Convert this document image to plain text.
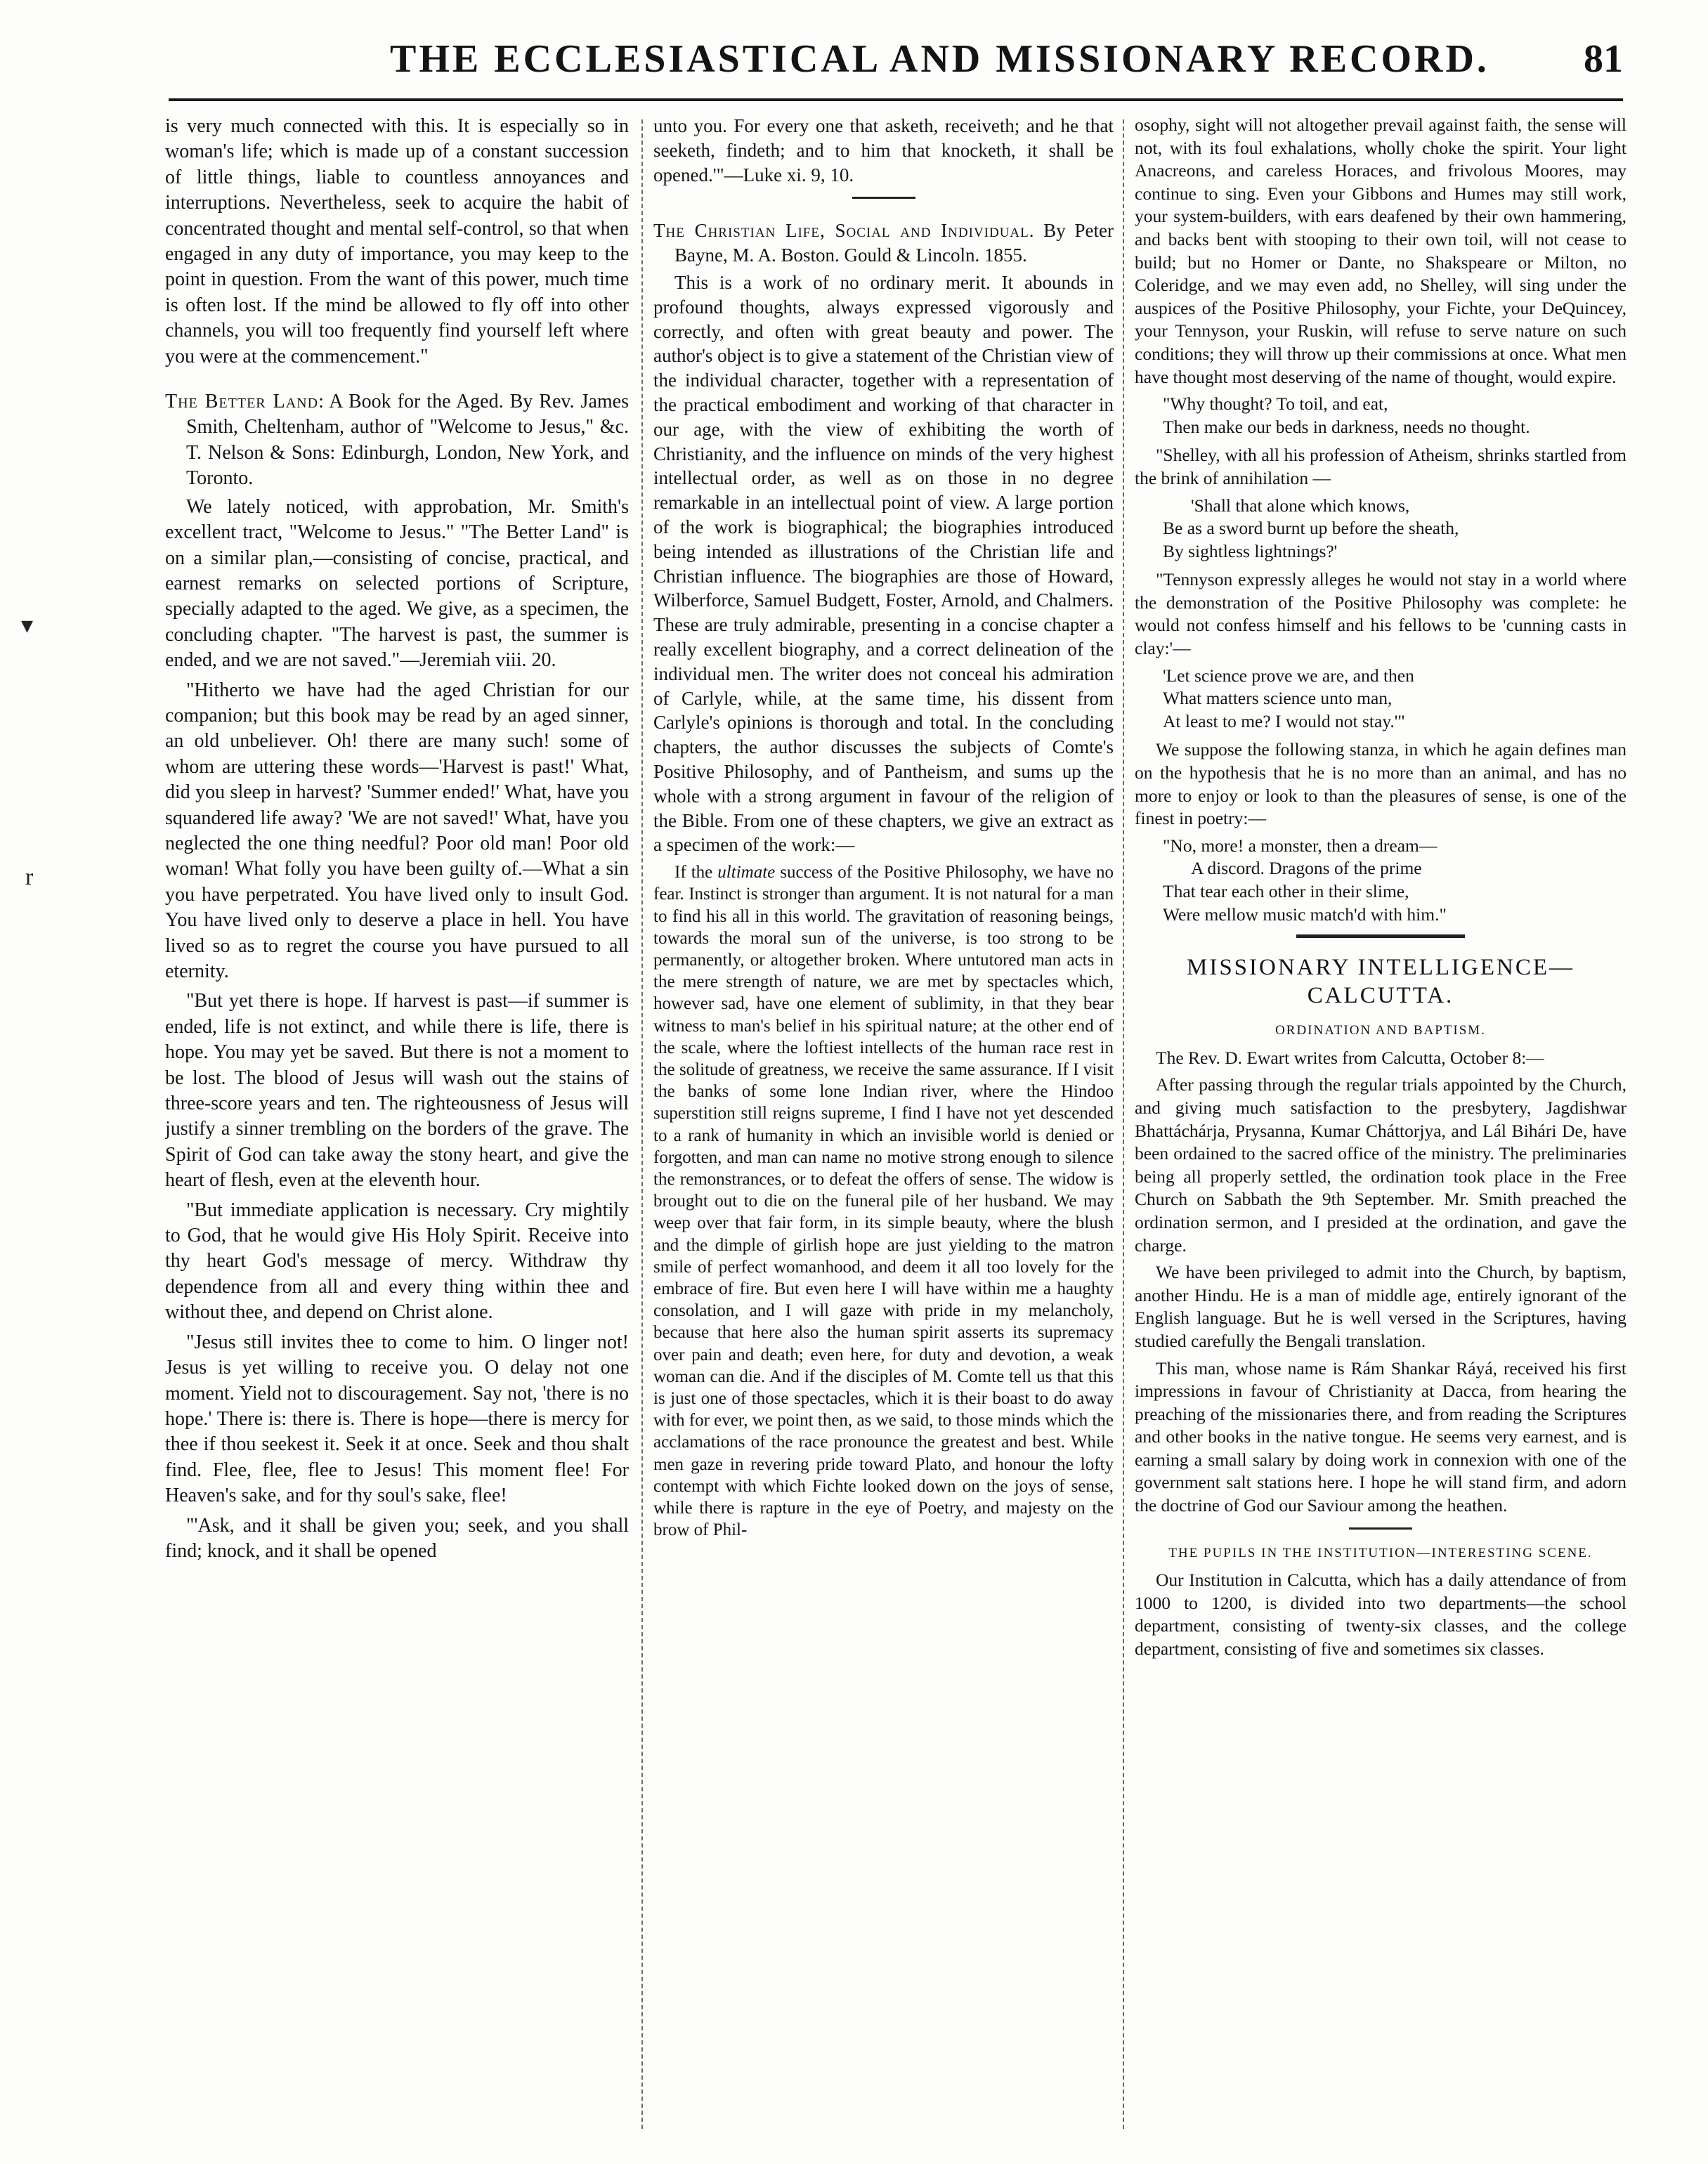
THE ECCLESIASTICAL AND MISSIONARY RECORD. 81
▾
r

is very much connected with this. It is especially so in woman's life; which is made up of a constant succession of little things, liable to countless annoyances and interruptions. Nevertheless, seek to acquire the habit of concentrated thought and mental self-control, so that when engaged in any duty of importance, you may keep to the point in question. From the want of this power, much time is often lost. If the mind be allowed to fly off into other channels, you will too frequently find yourself left where you were at the commencement."

The Better Land: A Book for the Aged. By Rev. James Smith, Cheltenham, author of "Welcome to Jesus," &c. T. Nelson & Sons: Edinburgh, London, New York, and Toronto.

We lately noticed, with approbation, Mr. Smith's excellent tract, "Welcome to Jesus." "The Better Land" is on a similar plan,—consisting of concise, practical, and earnest remarks on selected portions of Scripture, specially adapted to the aged. We give, as a specimen, the concluding chapter. "The harvest is past, the summer is ended, and we are not saved."—Jeremiah viii. 20.

"Hitherto we have had the aged Christian for our companion; but this book may be read by an aged sinner, an old unbeliever. Oh! there are many such! some of whom are uttering these words—'Harvest is past!' What, did you sleep in harvest? 'Summer ended!' What, have you squandered life away? 'We are not saved!' What, have you neglected the one thing needful? Poor old man! Poor old woman! What folly you have been guilty of.—What a sin you have perpetrated. You have lived only to insult God. You have lived only to deserve a place in hell. You have lived so as to regret the course you have pursued to all eternity.

"But yet there is hope. If harvest is past—if summer is ended, life is not extinct, and while there is life, there is hope. You may yet be saved. But there is not a moment to be lost. The blood of Jesus will wash out the stains of three-score years and ten. The righteousness of Jesus will justify a sinner trembling on the borders of the grave. The Spirit of God can take away the stony heart, and give the heart of flesh, even at the eleventh hour.

"But immediate application is necessary. Cry mightily to God, that he would give His Holy Spirit. Receive into thy heart God's message of mercy. Withdraw thy dependence from all and every thing within thee and without thee, and depend on Christ alone.

"Jesus still invites thee to come to him. O linger not! Jesus is yet willing to receive you. O delay not one moment. Yield not to discouragement. Say not, 'there is no hope.' There is: there is. There is hope—there is mercy for thee if thou seekest it. Seek it at once. Seek and thou shalt find. Flee, flee, flee to Jesus! This moment flee! For Heaven's sake, and for thy soul's sake, flee!

"'Ask, and it shall be given you; seek, and you shall find; knock, and it shall be opened

unto you. For every one that asketh, receiveth; and he that seeketh, findeth; and to him that knocketh, it shall be opened.'"—Luke xi. 9, 10.

The Christian Life, Social and Individual. By Peter Bayne, M. A. Boston. Gould & Lincoln. 1855.

This is a work of no ordinary merit. It abounds in profound thoughts, always expressed vigorously and correctly, and often with great beauty and power. The author's object is to give a statement of the Christian view of the individual character, together with a representation of the practical embodiment and working of that character in our age, with the view of exhibiting the worth of Christianity, and the influence on minds of the very highest intellectual order, as well as on those in no degree remarkable in an intellectual point of view. A large portion of the work is biographical; the biographies introduced being intended as illustrations of the Christian life and Christian influence. The biographies are those of Howard, Wilberforce, Samuel Budgett, Foster, Arnold, and Chalmers. These are truly admirable, presenting in a concise chapter a really excellent biography, and a correct delineation of the individual men. The writer does not conceal his admiration of Carlyle, while, at the same time, his dissent from Carlyle's opinions is thorough and total. In the concluding chapters, the author discusses the subjects of Comte's Positive Philosophy, and of Pantheism, and sums up the whole with a strong argument in favour of the religion of the Bible. From one of these chapters, we give an extract as a specimen of the work:—

If the ultimate success of the Positive Philosophy, we have no fear. Instinct is stronger than argument. It is not natural for a man to find his all in this world. The gravitation of reasoning beings, towards the moral sun of the universe, is too strong to be permanently, or altogether broken. Where untutored man acts in the mere strength of nature, we are met by spectacles which, however sad, have one element of sublimity, in that they bear witness to man's belief in his spiritual nature; at the other end of the scale, where the loftiest intellects of the human race rest in the solitude of greatness, we receive the same assurance. If I visit the banks of some lone Indian river, where the Hindoo superstition still reigns supreme, I find I have not yet descended to a rank of humanity in which an invisible world is denied or forgotten, and man can name no motive strong enough to silence the remonstrances, or to defeat the offers of sense. The widow is brought out to die on the funeral pile of her husband. We may weep over that fair form, in its simple beauty, where the blush and the dimple of girlish hope are just yielding to the matron smile of perfect womanhood, and deem it all too lovely for the embrace of fire. But even here I will have within me a haughty consolation, and I will gaze with pride in my melancholy, because that here also the human spirit asserts its supremacy over pain and death; even here, for duty and devotion, a weak woman can die. And if the disciples of M. Comte tell us that this is just one of those spectacles, which it is their boast to do away with for ever, we point then, as we said, to those minds which the acclamations of the race pronounce the greatest and best. While men gaze in revering pride toward Plato, and honour the lofty contempt with which Fichte looked down on the joys of sense, while there is rapture in the eye of Poetry, and majesty on the brow of Phil-

osophy, sight will not altogether prevail against faith, the sense will not, with its foul exhalations, wholly choke the spirit. Your light Anacreons, and careless Horaces, and frivolous Moores, may continue to sing. Even your Gibbons and Humes may still work, your system-builders, with ears deafened by their own hammering, and backs bent with stooping to their own toil, will not cease to build; but no Homer or Dante, no Shakspeare or Milton, no Coleridge, and we may even add, no Shelley, will sing under the auspices of the Positive Philosophy, your Fichte, your DeQuincey, your Tennyson, your Ruskin, will refuse to serve nature on such conditions; they will throw up their commissions at once. What men have thought most deserving of the name of thought, would expire.

"Why thought? To toil, and eat,
Then make our beds in darkness, needs no thought.

"Shelley, with all his profession of Atheism, shrinks startled from the brink of annihilation —

'Shall that alone which knows,
Be as a sword burnt up before the sheath,
By sightless lightnings?'

"Tennyson expressly alleges he would not stay in a world where the demonstration of the Positive Philosophy was complete: he would not confess himself and his fellows to be 'cunning casts in clay:'—

'Let science prove we are, and then
What matters science unto man,
At least to me? I would not stay.'"

We suppose the following stanza, in which he again defines man on the hypothesis that he is no more than an animal, and has no more to enjoy or look to than the pleasures of sense, is one of the finest in poetry:—

"No, more! a monster, then a dream—
A discord. Dragons of the prime
That tear each other in their slime,
Were mellow music match'd with him."
MISSIONARY INTELLIGENCE—CALCUTTA.
ORDINATION AND BAPTISM.

The Rev. D. Ewart writes from Calcutta, October 8:—

After passing through the regular trials appointed by the Church, and giving much satisfaction to the presbytery, Jagdishwar Bhattáchárja, Prysanna, Kumar Cháttorjya, and Lál Bihári De, have been ordained to the sacred office of the ministry. The preliminaries being all properly settled, the ordination took place in the Free Church on Sabbath the 9th September. Mr. Smith preached the ordination sermon, and I presided at the ordination, and gave the charge.

We have been privileged to admit into the Church, by baptism, another Hindu. He is a man of middle age, entirely ignorant of the English language. But he is well versed in the Scriptures, having studied carefully the Bengali translation.

This man, whose name is Rám Shankar Ráyá, received his first impressions in favour of Christianity at Dacca, from hearing the preaching of the missionaries there, and from reading the Scriptures and other books in the native tongue. He seems very earnest, and is earning a small salary by doing work in connexion with one of the government salt stations here. I hope he will stand firm, and adorn the doctrine of God our Saviour among the heathen.

THE PUPILS IN THE INSTITUTION—INTERESTING SCENE.

Our Institution in Calcutta, which has a daily attendance of from 1000 to 1200, is divided into two departments—the school department, consisting of twenty-six classes, and the college department, consisting of five and sometimes six classes.
